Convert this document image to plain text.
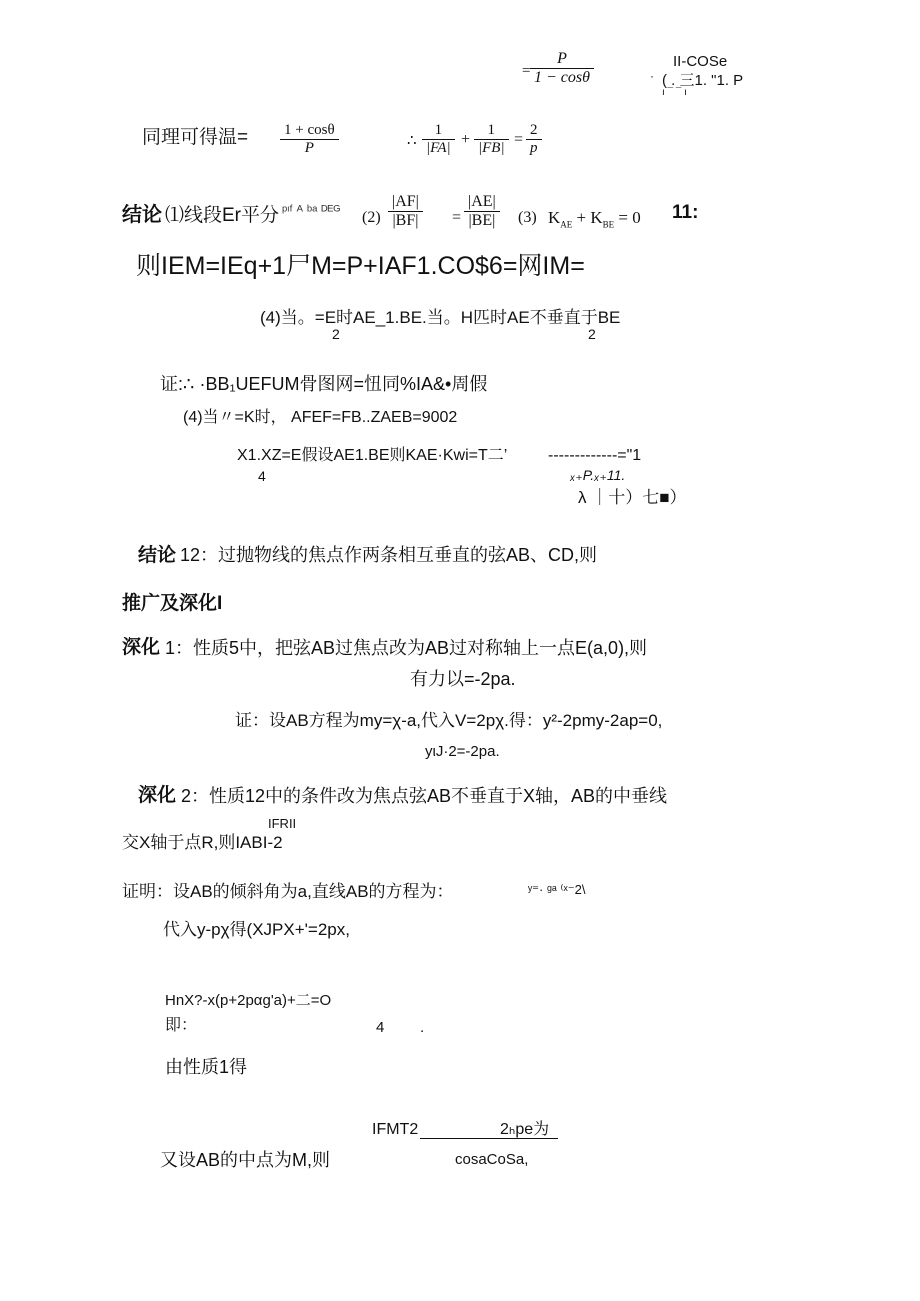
=
P
1 − cosθ
II-COSe
· ( . 三1. "1. P
ı ¯ ¯ ı
同理可得温= 1 + cosθ
P	∴
1
|FA| +
1
|FB| =
2
p
结论 ⑴线段Er平分 ᵖᶦᶠ ᴬ ᵇᵃ ᴰᴱᴳ (2)
|AF|
|BF| =
|AE|
|BE| (3) $K_{AE} + K_{BE} = 0$ 11:
则IEM=IEq+1尸M=P+IAF1.CO$6=网IM=
(4)当。=E时AE_1.BE.当。H匹时AE不垂直于BE
2	2
证:∴ ·BB₁UEFUM骨图网=忸同%IA&•周假
(4)当〃=K时， AFEF=FB..ZAEB=9002
X1.XZ=E假设AE1.BE则KAE·Kwi=T二’	-------------="1
4	ₓ₊P.ₓ₊11.
λ ｜十）七■）
结论 12：过抛物线的焦点作两条相互垂直的弦AB、CD,则
推广及深化I
深化 1：性质5中，把弦AB过焦点改为AB过对称轴上一点E(a,0),则
有力以=-2pa.
证：设AB方程为my=χ-a,代入V=2pχ.得：y²-2pmy-2ap=0,
yιJ·2=-2pa.
深化 2：性质12中的条件改为焦点弦AB不垂直于X轴，AB的中垂线
IFRII
交X轴于点R,则IABI-2
证明：设AB的倾斜角为a,直线AB的方程为：	ʸ⁼· ᵍᵃ ⁽ˣ⁻2\
代入y-pχ得(XJPX+'=2px,
HnX?-x(p+2pαg'a)+二=O
即：	4 .
由性质1得
IFMT2	2ₕpe为
又设AB的中点为M,则	cosaCoSa,
